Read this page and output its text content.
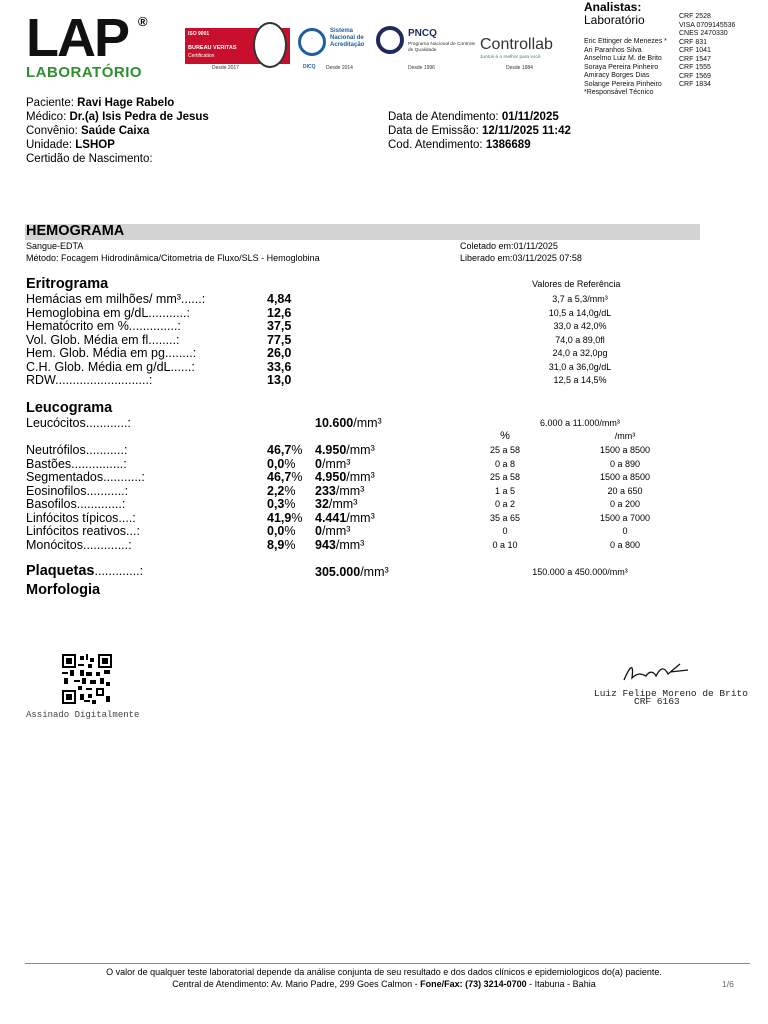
LAP ®
LABORATÓRIO
ISO 9001
BUREAU VERITAS
Certification
Desde 2017
Sistema Nacional de Acreditação
DICQ Desde 2014
PNCQ
Programa Nacional de Controle de Qualidade
Desde 1996
Controllab
Juntos é o melhor para você
Desde 1984
Analistas:
Laboratório
Eric Ettinger de Menezes *
Ari Paranhos Silva
Anselmo Luiz M. de Brito
Soraya Pereira Pinheiro
Amiracy Borges Dias
Solange Pereira Pinheiro
*Responsável Técnico
CRF 2528
VISA 0709145536
CNES 2470330
CRF 831
CRF 1041
CRF 1547
CRF 1555
CRF 1569
CRF 1834
Paciente: Ravi Hage Rabelo
Médico: Dr.(a) Isis Pedra de Jesus
Convênio: Saúde Caixa
Unidade: LSHOP
Certidão de Nascimento:
Data de Atendimento: 01/11/2025
Data de Emissão: 12/11/2025 11:42
Cod. Atendimento: 1386689
HEMOGRAMA
Sangue-EDTA
Método: Focagem Hidrodinâmica/Citometria de Fluxo/SLS - Hemoglobina
Coletado em:01/11/2025
Liberado em:03/11/2025 07:58
Eritrograma	Valores de Referência
Hemácias em milhões/ mm³......:	4,84	3,7 a 5,3/mm³
Hemoglobina em g/dL...........:	12,6	10,5 a 14,0g/dL
Hematócrito em %..............:	37,5	33,0 a 42,0%
Vol. Glob. Média em fl........:	77,5	74,0 a 89,0fl
Hem. Glob. Média em pg........:	26,0	24,0 a 32,0pg
C.H. Glob. Média em g/dL......:	33,6	31,0 a 36,0g/dL
RDW...........................:	13,0	12,5 a 14,5%
Leucograma
Leucócitos............:	10.600/mm³	6.000 a 11.000/mm³
%	/mm³
Neutrófilos...........:	46,7% 4.950/mm³	25 a 58	1500 a 8500
Bastões...............:	0,0% 0/mm³	0 a 8	0 a 890
Segmentados...........:	46,7% 4.950/mm³	25 a 58	1500 a 8500
Eosinofilos...........:	2,2% 233/mm³	1 a 5	20 a 650
Basofilos.............:	0,3% 32/mm³	0 a 2	0 a 200
Linfócitos típicos....:	41,9% 4.441/mm³	35 a 65	1500 a 7000
Linfócitos reativos...:	0,0% 0/mm³	0	0
Monócitos.............:	8,9% 943/mm³	0 a 10	0 a 800
Plaquetas.............:	305.000/mm³	150.000 a 450.000/mm³
Morfologia
Assinado Digitalmente
Luiz Felipe Moreno de Brito
CRF 6163
O valor de qualquer teste laboratorial depende da análise conjunta de seu resultado e dos dados clínicos e epidemiologicos do(a) paciente.
Central de Atendimento: Av. Mario Padre, 299 Goes Calmon - Fone/Fax: (73) 3214-0700 - Itabuna - Bahia	1/6
